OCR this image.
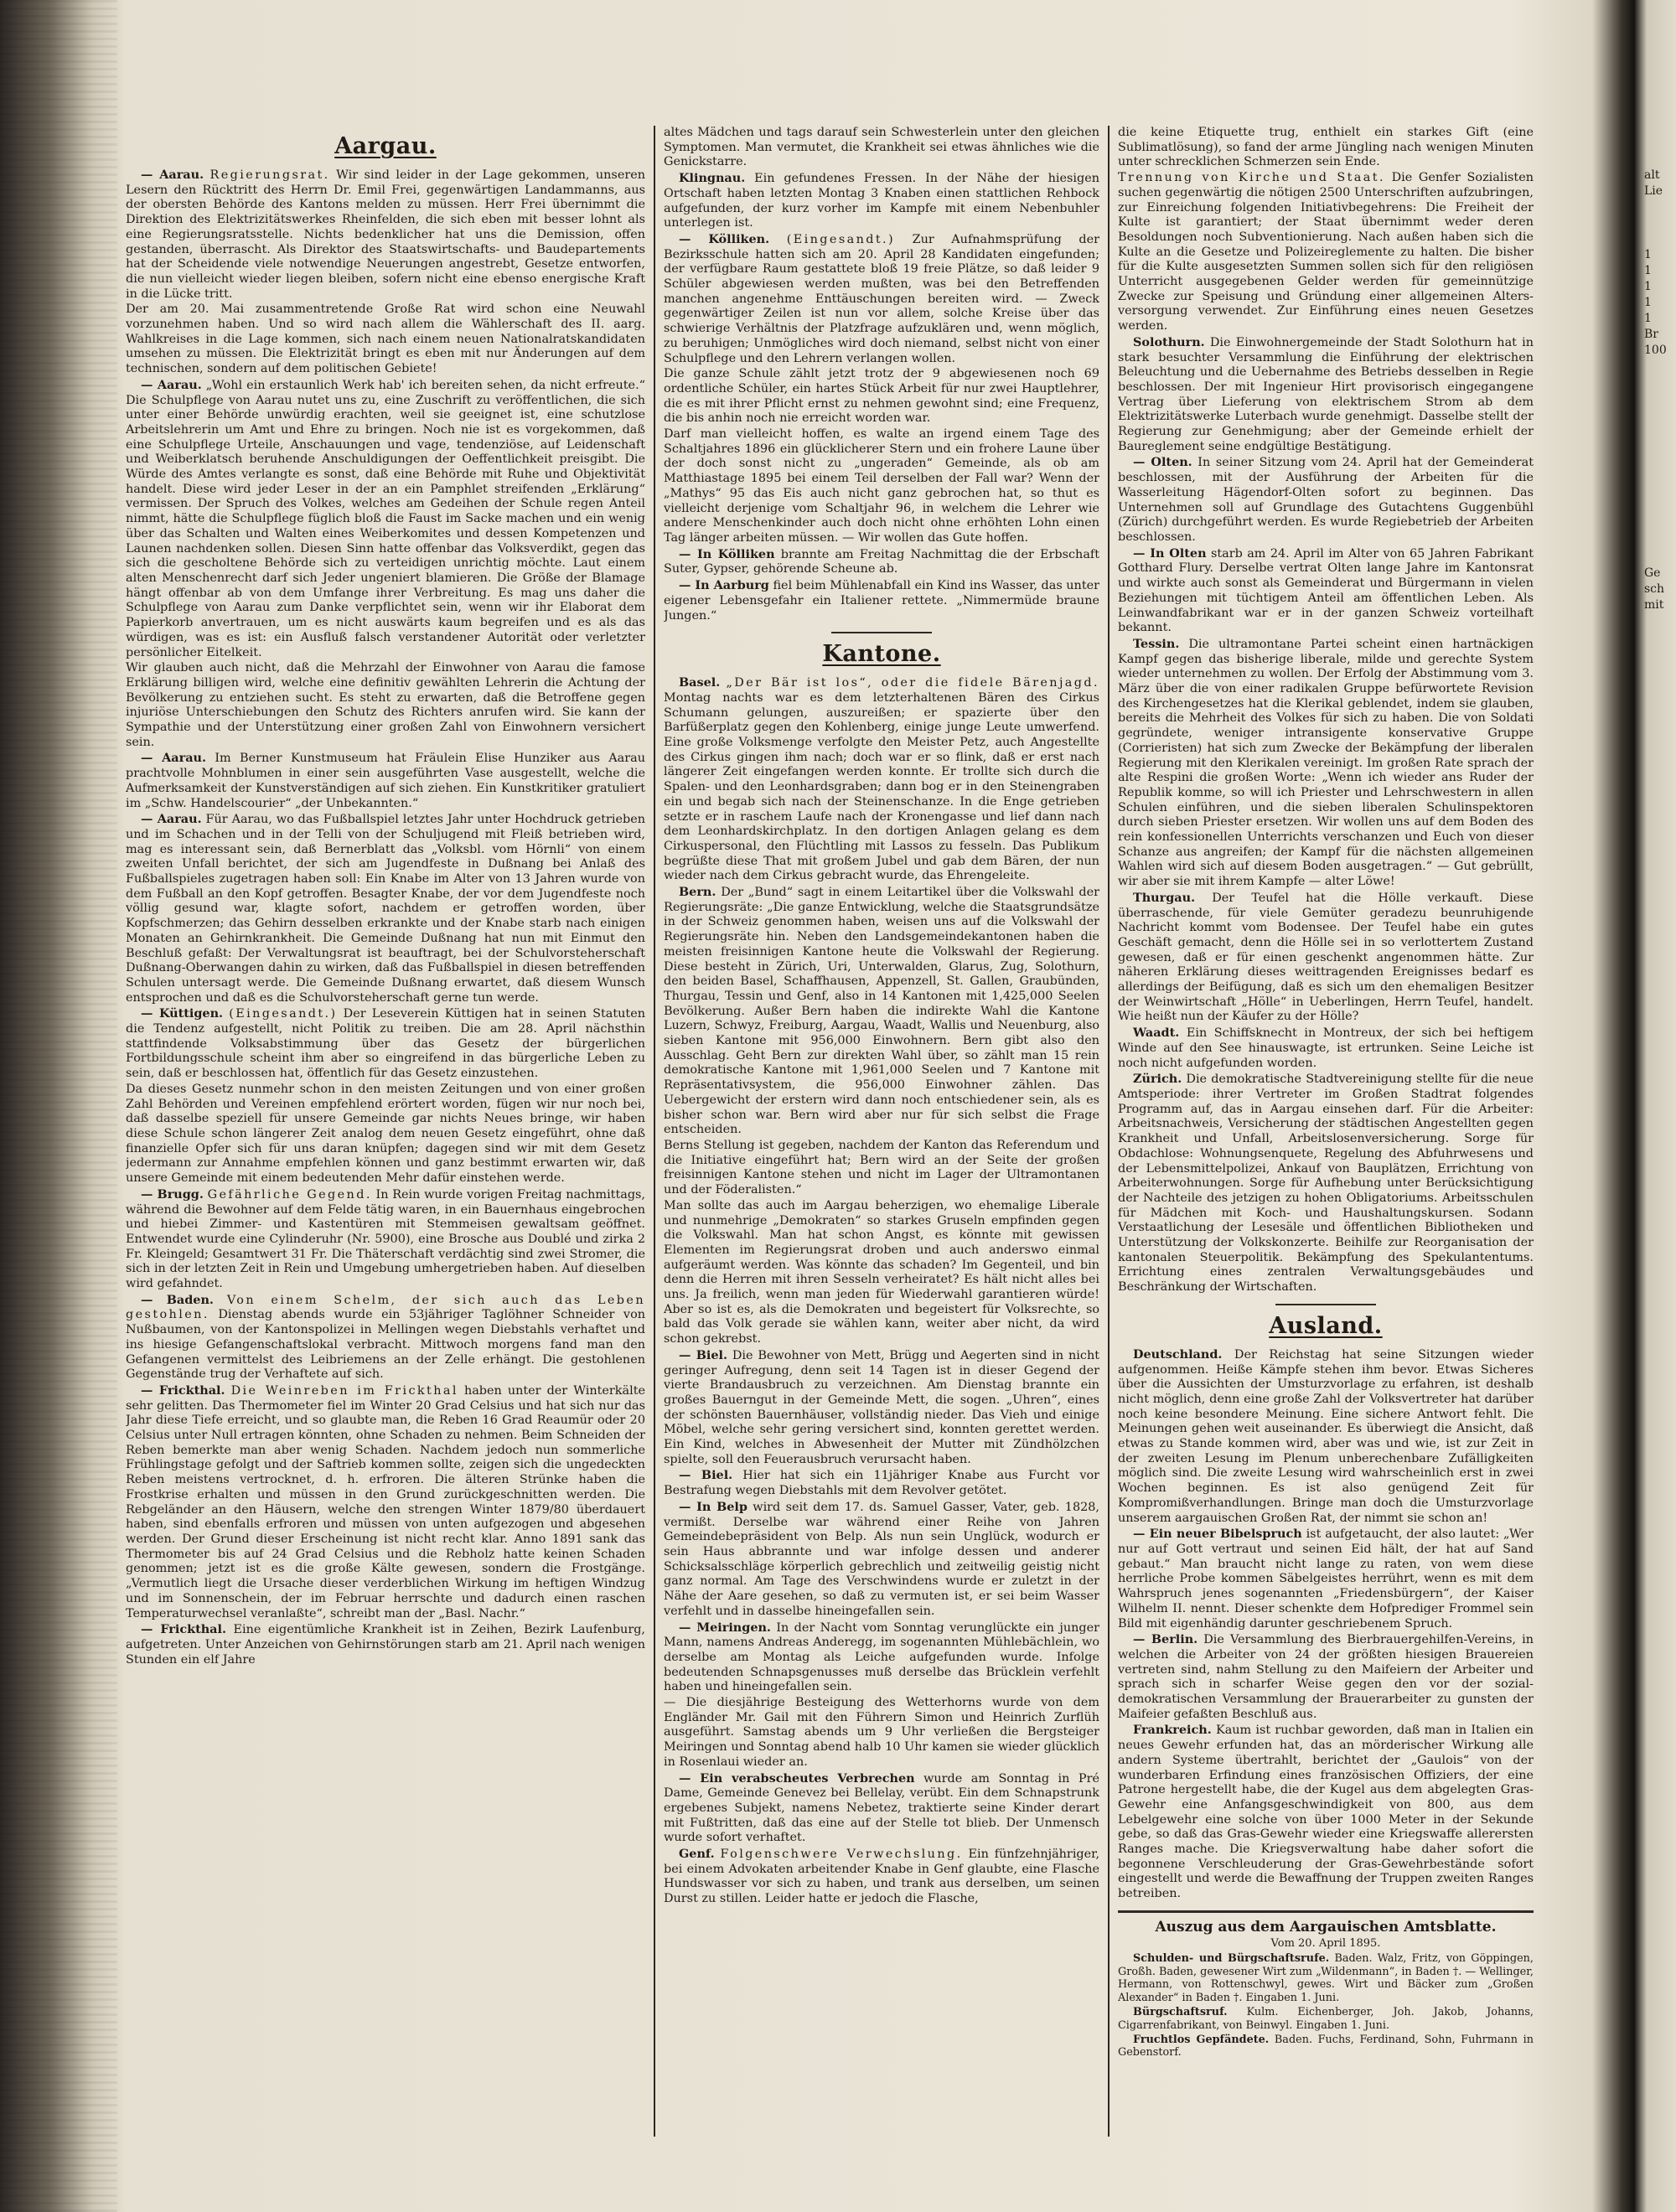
Aargau.

— Aarau. Regierungsrat. Wir sind leider in der Lage gekommen, unseren Lesern den Rücktritt des Herrn Dr. Emil Frei, gegenwärtigen Landammanns, aus der obersten Behörde des Kantons melden zu müssen. Herr Frei übernimmt die Direktion des Elektrizitätswerkes Rheinfelden, die sich eben mit besser lohnt als eine Regierungsratsstelle. Nichts bedenklicher hat uns die Demission, offen gestanden, überrascht. Als Direktor des Staatswirtschafts- und Baudepartements hat der Scheidende viele notwendige Neuerungen angestrebt, Gesetze entworfen, die nun vielleicht wieder liegen bleiben, sofern nicht eine ebenso energische Kraft in die Lücke tritt.

Der am 20. Mai zusammentretende Große Rat wird schon eine Neuwahl vorzunehmen haben. Und so wird nach allem die Wählerschaft des II. aarg. Wahlkreises in die Lage kommen, sich nach einem neuen Nationalratskandidaten umsehen zu müssen. Die Elektrizität bringt es eben mit nur Änderungen auf dem technischen, sondern auf dem politischen Gebiete!

— Aarau. „Wohl ein erstaunlich Werk hab' ich bereiten sehen, da nicht erfreute.“ Die Schulpflege von Aarau nutet uns zu, eine Zuschrift zu veröffentlichen, die sich unter einer Behörde unwürdig erachten, weil sie geeignet ist, eine schutzlose Arbeitslehrerin um Amt und Ehre zu bringen. Noch nie ist es vorgekommen, daß eine Schulpflege Urteile, Anschauungen und vage, tendenziöse, auf Leidenschaft und Weiberklatsch beruhende Anschuldigungen der Oeffentlichkeit preisgibt. Die Würde des Amtes verlangte es sonst, daß eine Behörde mit Ruhe und Objektivität handelt. Diese wird jeder Leser in der an ein Pamphlet streifenden „Erklärung“ vermissen. Der Spruch des Volkes, welches am Gedeihen der Schule regen Anteil nimmt, hätte die Schulpflege füglich bloß die Faust im Sacke machen und ein wenig über das Schalten und Walten eines Weiberkomites und dessen Kompetenzen und Launen nachdenken sollen. Diesen Sinn hatte offenbar das Volksverdikt, gegen das sich die gescholtene Behörde sich zu verteidigen unrichtig möchte. Laut einem alten Menschenrecht darf sich Jeder ungeniert blamieren. Die Größe der Blamage hängt offenbar ab von dem Umfange ihrer Verbreitung. Es mag uns daher die Schulpflege von Aarau zum Danke verpflichtet sein, wenn wir ihr Elaborat dem Papierkorb anvertrauen, um es nicht auswärts kaum begreifen und es als das würdigen, was es ist: ein Ausfluß falsch verstandener Autorität oder verletzter persönlicher Eitelkeit.

Wir glauben auch nicht, daß die Mehrzahl der Einwohner von Aarau die famose Erklärung billigen wird, welche eine definitiv gewählten Lehrerin die Achtung der Bevölkerung zu entziehen sucht. Es steht zu erwarten, daß die Betroffene gegen injuriöse Unterschiebungen den Schutz des Richters anrufen wird. Sie kann der Sympathie und der Unterstützung einer großen Zahl von Einwohnern versichert sein.

— Aarau. Im Berner Kunstmuseum hat Fräulein Elise Hunziker aus Aarau prachtvolle Mohnblumen in einer sein ausgeführten Vase ausgestellt, welche die Aufmerksamkeit der Kunstverständigen auf sich ziehen. Ein Kunstkritiker gratuliert im „Schw. Handelscourier“ „der Unbekannten.“

— Aarau. Für Aarau, wo das Fußballspiel letztes Jahr unter Hochdruck getrieben und im Schachen und in der Telli von der Schuljugend mit Fleiß betrieben wird, mag es interessant sein, daß Bernerblatt das „Volksbl. vom Hörnli“ von einem zweiten Unfall berichtet, der sich am Jugendfeste in Dußnang bei Anlaß des Fußballspieles zugetragen haben soll: Ein Knabe im Alter von 13 Jahren wurde von dem Fußball an den Kopf getroffen. Besagter Knabe, der vor dem Jugendfeste noch völlig gesund war, klagte sofort, nachdem er getroffen worden, über Kopfschmerzen; das Gehirn desselben erkrankte und der Knabe starb nach einigen Monaten an Gehirnkrankheit. Die Gemeinde Dußnang hat nun mit Einmut den Beschluß gefaßt: Der Verwaltungsrat ist beauftragt, bei der Schulvorsteherschaft Dußnang-Oberwangen dahin zu wirken, daß das Fußballspiel in diesen betreffenden Schulen untersagt werde. Die Gemeinde Dußnang erwartet, daß diesem Wunsch entsprochen und daß es die Schulvorsteherschaft gerne tun werde.

— Küttigen. (Eingesandt.) Der Leseverein Küttigen hat in seinen Statuten die Tendenz aufgestellt, nicht Politik zu treiben. Die am 28. April nächsthin stattfindende Volksabstimmung über das Gesetz der bürgerlichen Fortbildungsschule scheint ihm aber so eingreifend in das bürgerliche Leben zu sein, daß er beschlossen hat, öffentlich für das Gesetz einzustehen.

Da dieses Gesetz nunmehr schon in den meisten Zeitungen und von einer großen Zahl Behörden und Vereinen empfehlend erörtert worden, fügen wir nur noch bei, daß dasselbe speziell für unsere Gemeinde gar nichts Neues bringe, wir haben diese Schule schon längerer Zeit analog dem neuen Gesetz eingeführt, ohne daß finanzielle Opfer sich für uns daran knüpfen; dagegen sind wir mit dem Gesetz jedermann zur Annahme empfehlen können und ganz bestimmt erwarten wir, daß unsere Gemeinde mit einem bedeutenden Mehr dafür einstehen werde.

— Brugg. Gefährliche Gegend. In Rein wurde vorigen Freitag nachmittags, während die Bewohner auf dem Felde tätig waren, in ein Bauernhaus eingebrochen und hiebei Zimmer- und Kastentüren mit Stemmeisen gewaltsam geöffnet. Entwendet wurde eine Cylinderuhr (Nr. 5900), eine Brosche aus Doublé und zirka 2 Fr. Kleingeld; Gesamtwert 31 Fr. Die Thäterschaft verdächtig sind zwei Stromer, die sich in der letzten Zeit in Rein und Umgebung umhergetrieben haben. Auf dieselben wird gefahndet.

— Baden. Von einem Schelm, der sich auch das Leben gestohlen. Dienstag abends wurde ein 53jähriger Taglöhner Schneider von Nußbaumen, von der Kantonspolizei in Mellingen wegen Diebstahls verhaftet und ins hiesige Gefangenschaftslokal verbracht. Mittwoch morgens fand man den Gefangenen vermittelst des Leibriemens an der Zelle erhängt. Die gestohlenen Gegenstände trug der Verhaftete auf sich.

— Frickthal. Die Weinreben im Frickthal haben unter der Winterkälte sehr gelitten. Das Thermometer fiel im Winter 20 Grad Celsius und hat sich nur das Jahr diese Tiefe erreicht, und so glaubte man, die Reben 16 Grad Reaumür oder 20 Celsius unter Null ertragen könnten, ohne Schaden zu nehmen. Beim Schneiden der Reben bemerkte man aber wenig Schaden. Nachdem jedoch nun sommerliche Frühlingstage gefolgt und der Saftrieb kommen sollte, zeigen sich die ungedeckten Reben meistens vertrocknet, d. h. erfroren. Die älteren Strünke haben die Frostkrise erhalten und müssen in den Grund zurückgeschnitten werden. Die Rebgeländer an den Häusern, welche den strengen Winter 1879/80 überdauert haben, sind ebenfalls erfroren und müssen von unten aufgezogen und abgesehen werden. Der Grund dieser Erscheinung ist nicht recht klar. Anno 1891 sank das Thermometer bis auf 24 Grad Celsius und die Rebholz hatte keinen Schaden genommen; jetzt ist es die große Kälte gewesen, sondern die Frostgänge. „Vermutlich liegt die Ursache dieser verderblichen Wirkung im heftigen Windzug und im Sonnenschein, der im Februar herrschte und dadurch einen raschen Temperaturwechsel veranlaßte“, schreibt man der „Basl. Nachr.“

— Frickthal. Eine eigentümliche Krankheit ist in Zeihen, Bezirk Laufenburg, aufgetreten. Unter Anzeichen von Gehirnstörungen starb am 21. April nach wenigen Stunden ein elf Jahre

altes Mädchen und tags darauf sein Schwesterlein unter den gleichen Symptomen. Man vermutet, die Krankheit sei etwas ähnliches wie die Genickstarre.

Klingnau. Ein gefundenes Fressen. In der Nähe der hiesigen Ortschaft haben letzten Montag 3 Knaben einen stattlichen Rehbock aufgefunden, der kurz vorher im Kampfe mit einem Nebenbuhler unterlegen ist.

— Kölliken. (Eingesandt.) Zur Aufnahmsprüfung der Bezirksschule hatten sich am 20. April 28 Kandidaten eingefunden; der verfügbare Raum gestattete bloß 19 freie Plätze, so daß leider 9 Schüler abgewiesen werden mußten, was bei den Betreffenden manchen angenehme Enttäuschungen bereiten wird. — Zweck gegenwärtiger Zeilen ist nun vor allem, solche Kreise über das schwierige Verhältnis der Platzfrage aufzuklären und, wenn möglich, zu beruhigen; Unmögliches wird doch niemand, selbst nicht von einer Schulpflege und den Lehrern verlangen wollen.

Die ganze Schule zählt jetzt trotz der 9 abgewiesenen noch 69 ordentliche Schüler, ein hartes Stück Arbeit für nur zwei Hauptlehrer, die es mit ihrer Pflicht ernst zu nehmen gewohnt sind; eine Frequenz, die bis anhin noch nie erreicht worden war.

Darf man vielleicht hoffen, es walte an irgend einem Tage des Schaltjahres 1896 ein glücklicherer Stern und ein frohere Laune über der doch sonst nicht zu „ungeraden“ Gemeinde, als ob am Matthiastage 1895 bei einem Teil derselben der Fall war? Wenn der „Mathys“ 95 das Eis auch nicht ganz gebrochen hat, so thut es vielleicht derjenige vom Schaltjahr 96, in welchem die Lehrer wie andere Menschenkinder auch doch nicht ohne erhöhten Lohn einen Tag länger arbeiten müssen. — Wir wollen das Gute hoffen.

— In Kölliken brannte am Freitag Nachmittag die der Erbschaft Suter, Gypser, gehörende Scheune ab.

— In Aarburg fiel beim Mühlenabfall ein Kind ins Wasser, das unter eigener Lebensgefahr ein Italiener rettete. „Nimmermüde braune Jungen.“

Kantone.

Basel. „Der Bär ist los“, oder die fidele Bärenjagd. Montag nachts war es dem letzterhaltenen Bären des Cirkus Schumann gelungen, auszureißen; er spazierte über den Barfüßerplatz gegen den Kohlenberg, einige junge Leute umwerfend. Eine große Volksmenge verfolgte den Meister Petz, auch Angestellte des Cirkus gingen ihm nach; doch war er so flink, daß er erst nach längerer Zeit eingefangen werden konnte. Er trollte sich durch die Spalen- und den Leonhardsgraben; dann bog er in den Steinengraben ein und begab sich nach der Steinenschanze. In die Enge getrieben setzte er in raschem Laufe nach der Kronengasse und lief dann nach dem Leonhardskirchplatz. In den dortigen Anlagen gelang es dem Cirkuspersonal, den Flüchtling mit Lassos zu fesseln. Das Publikum begrüßte diese That mit großem Jubel und gab dem Bären, der nun wieder nach dem Cirkus gebracht wurde, das Ehrengeleite.

Bern. Der „Bund“ sagt in einem Leitartikel über die Volkswahl der Regierungsräte: „Die ganze Entwicklung, welche die Staatsgrundsätze in der Schweiz genommen haben, weisen uns auf die Volkswahl der Regierungsräte hin. Neben den Landsgemeindekantonen haben die meisten freisinnigen Kantone heute die Volkswahl der Regierung. Diese besteht in Zürich, Uri, Unterwalden, Glarus, Zug, Solothurn, den beiden Basel, Schaffhausen, Appenzell, St. Gallen, Graubünden, Thurgau, Tessin und Genf, also in 14 Kantonen mit 1,425,000 Seelen Bevölkerung. Außer Bern haben die indirekte Wahl die Kantone Luzern, Schwyz, Freiburg, Aargau, Waadt, Wallis und Neuenburg, also sieben Kantone mit 956,000 Einwohnern. Bern gibt also den Ausschlag. Geht Bern zur direkten Wahl über, so zählt man 15 rein demokratische Kantone mit 1,961,000 Seelen und 7 Kantone mit Repräsentativsystem, die 956,000 Einwohner zählen. Das Uebergewicht der erstern wird dann noch entschiedener sein, als es bisher schon war. Bern wird aber nur für sich selbst die Frage entscheiden.

Berns Stellung ist gegeben, nachdem der Kanton das Referendum und die Initiative eingeführt hat; Bern wird an der Seite der großen freisinnigen Kantone stehen und nicht im Lager der Ultramontanen und der Föderalisten.“

Man sollte das auch im Aargau beherzigen, wo ehemalige Liberale und nunmehrige „Demokraten“ so starkes Gruseln empfinden gegen die Volkswahl. Man hat schon Angst, es könnte mit gewissen Elementen im Regierungsrat droben und auch anderswo einmal aufgeräumt werden. Was könnte das schaden? Im Gegenteil, und bin denn die Herren mit ihren Sesseln verheiratet? Es hält nicht alles bei uns. Ja freilich, wenn man jeden für Wiederwahl garantieren würde! Aber so ist es, als die Demokraten und begeistert für Volksrechte, so bald das Volk gerade sie wählen kann, weiter aber nicht, da wird schon gekrebst.

— Biel. Die Bewohner von Mett, Brügg und Aegerten sind in nicht geringer Aufregung, denn seit 14 Tagen ist in dieser Gegend der vierte Brandausbruch zu verzeichnen. Am Dienstag brannte ein großes Bauerngut in der Gemeinde Mett, die sogen. „Uhren“, eines der schönsten Bauernhäuser, vollständig nieder. Das Vieh und einige Möbel, welche sehr gering versichert sind, konnten gerettet werden. Ein Kind, welches in Abwesenheit der Mutter mit Zündhölzchen spielte, soll den Feuerausbruch verursacht haben.

— Biel. Hier hat sich ein 11jähriger Knabe aus Furcht vor Bestrafung wegen Diebstahls mit dem Revolver getötet.

— In Belp wird seit dem 17. ds. Samuel Gasser, Vater, geb. 1828, vermißt. Derselbe war während einer Reihe von Jahren Gemeindebepräsident von Belp. Als nun sein Unglück, wodurch er sein Haus abbrannte und war infolge dessen und anderer Schicksalsschläge körperlich gebrechlich und zeitweilig geistig nicht ganz normal. Am Tage des Verschwindens wurde er zuletzt in der Nähe der Aare gesehen, so daß zu vermuten ist, er sei beim Wasser verfehlt und in dasselbe hineingefallen sein.

— Meiringen. In der Nacht vom Sonntag verunglückte ein junger Mann, namens Andreas Anderegg, im sogenannten Mühlebächlein, wo derselbe am Montag als Leiche aufgefunden wurde. Infolge bedeutenden Schnapsgenusses muß derselbe das Brücklein verfehlt haben und hineingefallen sein.

— Die diesjährige Besteigung des Wetterhorns wurde von dem Engländer Mr. Gail mit den Führern Simon und Heinrich Zurflüh ausgeführt. Samstag abends um 9 Uhr verließen die Bergsteiger Meiringen und Sonntag abend halb 10 Uhr kamen sie wieder glücklich in Rosenlaui wieder an.

— Ein verabscheutes Verbrechen wurde am Sonntag in Pré Dame, Gemeinde Genevez bei Bellelay, verübt. Ein dem Schnapstrunk ergebenes Subjekt, namens Nebetez, traktierte seine Kinder derart mit Fußtritten, daß das eine auf der Stelle tot blieb. Der Unmensch wurde sofort verhaftet.

Genf. Folgenschwere Verwechslung. Ein fünfzehnjähriger, bei einem Advokaten arbeitender Knabe in Genf glaubte, eine Flasche Hundswasser vor sich zu haben, und trank aus derselben, um seinen Durst zu stillen. Leider hatte er jedoch die Flasche,

die keine Etiquette trug, enthielt ein starkes Gift (eine Sublimatlösung), so fand der arme Jüngling nach wenigen Minuten unter schrecklichen Schmerzen sein Ende.

Trennung von Kirche und Staat. Die Genfer Sozialisten suchen gegenwärtig die nötigen 2500 Unterschriften aufzubringen, zur Einreichung folgenden Initiativbegehrens: Die Freiheit der Kulte ist garantiert; der Staat übernimmt weder deren Besoldungen noch Subventionierung. Nach außen haben sich die Kulte an die Gesetze und Polizeireglemente zu halten. Die bisher für die Kulte ausgesetzten Summen sollen sich für den religiösen Unterricht ausgegebenen Gelder werden für gemeinnützige Zwecke zur Speisung und Gründung einer allgemeinen Alters- versorgung verwendet. Zur Einführung eines neuen Gesetzes werden.

Solothurn. Die Einwohnergemeinde der Stadt Solothurn hat in stark besuchter Versammlung die Einführung der elektrischen Beleuchtung und die Uebernahme des Betriebs desselben in Regie beschlossen. Der mit Ingenieur Hirt provisorisch eingegangene Vertrag über Lieferung von elektrischem Strom ab dem Elektrizitätswerke Luterbach wurde genehmigt. Dasselbe stellt der Regierung zur Genehmigung; aber der Gemeinde erhielt der Baureglement seine endgültige Bestätigung.

— Olten. In seiner Sitzung vom 24. April hat der Gemeinderat beschlossen, mit der Ausführung der Arbeiten für die Wasserleitung Hägendorf-Olten sofort zu beginnen. Das Unternehmen soll auf Grundlage des Gutachtens Guggenbühl (Zürich) durchgeführt werden. Es wurde Regiebetrieb der Arbeiten beschlossen.

— In Olten starb am 24. April im Alter von 65 Jahren Fabrikant Gotthard Flury. Derselbe vertrat Olten lange Jahre im Kantonsrat und wirkte auch sonst als Gemeinderat und Bürgermann in vielen Beziehungen mit tüchtigem Anteil am öffentlichen Leben. Als Leinwandfabrikant war er in der ganzen Schweiz vorteilhaft bekannt.

Tessin. Die ultramontane Partei scheint einen hartnäckigen Kampf gegen das bisherige liberale, milde und gerechte System wieder unternehmen zu wollen. Der Erfolg der Abstimmung vom 3. März über die von einer radikalen Gruppe befürwortete Revision des Kirchengesetzes hat die Klerikal geblendet, indem sie glauben, bereits die Mehrheit des Volkes für sich zu haben. Die von Soldati gegründete, weniger intransigente konservative Gruppe (Corrieristen) hat sich zum Zwecke der Bekämpfung der liberalen Regierung mit den Klerikalen vereinigt. Im großen Rate sprach der alte Respini die großen Worte: „Wenn ich wieder ans Ruder der Republik komme, so will ich Priester und Lehrschwestern in allen Schulen einführen, und die sieben liberalen Schulinspektoren durch sieben Priester ersetzen. Wir wollen uns auf dem Boden des rein konfessionellen Unterrichts verschanzen und Euch von dieser Schanze aus angreifen; der Kampf für die nächsten allgemeinen Wahlen wird sich auf diesem Boden ausgetragen.“ — Gut gebrüllt, wir aber sie mit ihrem Kampfe — alter Löwe!

Thurgau. Der Teufel hat die Hölle verkauft. Diese überraschende, für viele Gemüter geradezu beunruhigende Nachricht kommt vom Bodensee. Der Teufel habe ein gutes Geschäft gemacht, denn die Hölle sei in so verlottertem Zustand gewesen, daß er für einen geschenkt angenommen hätte. Zur näheren Erklärung dieses weittragenden Ereignisses bedarf es allerdings der Beifügung, daß es sich um den ehemaligen Besitzer der Weinwirtschaft „Hölle“ in Ueberlingen, Herrn Teufel, handelt. Wie heißt nun der Käufer zu der Hölle?

Waadt. Ein Schiffsknecht in Montreux, der sich bei heftigem Winde auf den See hinauswagte, ist ertrunken. Seine Leiche ist noch nicht aufgefunden worden.

Zürich. Die demokratische Stadtvereinigung stellte für die neue Amtsperiode: ihrer Vertreter im Großen Stadtrat folgendes Programm auf, das in Aargau einsehen darf. Für die Arbeiter: Arbeitsnachweis, Versicherung der städtischen Angestellten gegen Krankheit und Unfall, Arbeitslosenversicherung. Sorge für Obdachlose: Wohnungsenquete, Regelung des Abfuhrwesens und der Lebensmittelpolizei, Ankauf von Bauplätzen, Errichtung von Arbeiterwohnungen. Sorge für Aufhebung unter Berücksichtigung der Nachteile des jetzigen zu hohen Obligatoriums. Arbeitsschulen für Mädchen mit Koch- und Haushaltungskursen. Sodann Verstaatlichung der Lesesäle und öffentlichen Bibliotheken und Unterstützung der Volkskonzerte. Beihilfe zur Reorganisation der kantonalen Steuerpolitik. Bekämpfung des Spekulantentums. Errichtung eines zentralen Verwaltungsgebäudes und Beschränkung der Wirtschaften.

Ausland.

Deutschland. Der Reichstag hat seine Sitzungen wieder aufgenommen. Heiße Kämpfe stehen ihm bevor. Etwas Sicheres über die Aussichten der Umsturzvorlage zu erfahren, ist deshalb nicht möglich, denn eine große Zahl der Volksvertreter hat darüber noch keine besondere Meinung. Eine sichere Antwort fehlt. Die Meinungen gehen weit auseinander. Es überwiegt die Ansicht, daß etwas zu Stande kommen wird, aber was und wie, ist zur Zeit in der zweiten Lesung im Plenum unberechenbare Zufälligkeiten möglich sind. Die zweite Lesung wird wahrscheinlich erst in zwei Wochen beginnen. Es ist also genügend Zeit für Kompromißverhandlungen. Bringe man doch die Umsturzvorlage unserem aargauischen Großen Rat, der nimmt sie schon an!

— Ein neuer Bibelspruch ist aufgetaucht, der also lautet: „Wer nur auf Gott vertraut und seinen Eid hält, der hat auf Sand gebaut.“ Man braucht nicht lange zu raten, von wem diese herrliche Probe kommen Säbelgeistes herrührt, wenn es mit dem Wahrspruch jenes sogenannten „Friedensbürgern“, der Kaiser Wilhelm II. nennt. Dieser schenkte dem Hofprediger Frommel sein Bild mit eigenhändig darunter geschriebenem Spruch.

— Berlin. Die Versammlung des Bierbrauergehilfen-Vereins, in welchen die Arbeiter von 24 der größten hiesigen Brauereien vertreten sind, nahm Stellung zu den Maifeiern der Arbeiter und sprach sich in scharfer Weise gegen den vor der sozial-demokratischen Versammlung der Brauerarbeiter zu gunsten der Maifeier gefaßten Beschluß aus.

Frankreich. Kaum ist ruchbar geworden, daß man in Italien ein neues Gewehr erfunden hat, das an mörderischer Wirkung alle andern Systeme übertrahlt, berichtet der „Gaulois“ von der wunderbaren Erfindung eines französischen Offiziers, der eine Patrone hergestellt habe, die der Kugel aus dem abgelegten Gras-Gewehr eine Anfangsgeschwindigkeit von 800, aus dem Lebelgewehr eine solche von über 1000 Meter in der Sekunde gebe, so daß das Gras-Gewehr wieder eine Kriegswaffe allerersten Ranges mache. Die Kriegsverwaltung habe daher sofort die begonnene Verschleuderung der Gras-Gewehrbestände sofort eingestellt und werde die Bewaffnung der Truppen zweiten Ranges betreiben.

Auszug aus dem Aargauischen Amtsblatte.
Vom 20. April 1895.

Schulden- und Bürgschaftsrufe. Baden. Walz, Fritz, von Göppingen, Großh. Baden, gewesener Wirt zum „Wildenmann“, in Baden †. — Wellinger, Hermann, von Rottenschwyl, gewes. Wirt und Bäcker zum „Großen Alexander“ in Baden †. Eingaben 1. Juni.

Bürgschaftsruf. Kulm. Eichenberger, Joh. Jakob, Johanns, Cigarrenfabrikant, von Beinwyl. Eingaben 1. Juni.

Fruchtlos Gepfändete. Baden. Fuchs, Ferdinand, Sohn, Fuhrmann in Gebenstorf.

alt
Lie
1
1
1
1
1
Br
100
Ge
sch
mit
